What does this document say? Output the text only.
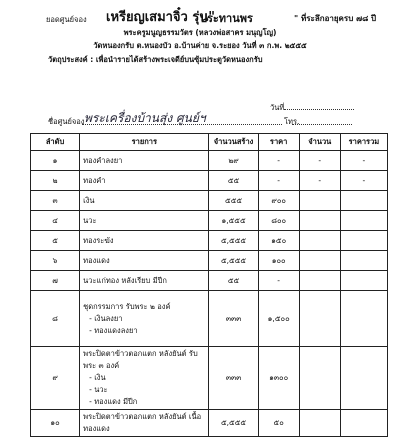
ยอดศูนย์จอง เหรียญเสมาจิ๋ว รุ่น"
ประทานพร	" ที่ระลึกอายุครบ ๗๘ ปี
พระครูมนูญธรรมวัตร (หลวงพ่อสาคร มนุญโญ)
วัดหนองกรับ ต.หนองบัว อ.บ้านค่าย จ.ระยอง วันที่ ๓ ก.พ. ๒๕๕๕
วัตถุประสงค์ : เพื่อนำรายได้สร้างพระเจดีย์บนซุ้มประตูวัดหนองกรับ
วันที่
ชื่อศูนย์จอง พระเครื่องบ้านสุ่ง ศูนย์ฯ	โทร.
ลำดับ	รายการ	จำนวนสร้าง	ราคา	จำนวน	ราคารวม
๑	ทองคำลงยา	๒๙	-	-	-
๒	ทองคำ	๕๕	-	-	-
๓	เงิน	๕๕๕	๙๐๐		
๔	นวะ	๑,๕๕๕	๘๐๐		
๕	ทองระฆัง	๕,๕๕๕	๑๕๐		
๖	ทองแดง	๕,๕๕๕	๑๐๐		
๗	นวะแก่ทอง หลังเรียบ มีปีก	๕๕	-		
๘	ชุดกรรมการ รับพระ ๒ องค์
- เงินลงยา
- ทองแดงลงยา	๓๓๓	๑,๕๐๐		
๙	พระปิดตาข้าวตอกแตก หลังยันต์ รับพระ ๓ องค์
- เงิน
- นวะ
- ทองแดง มีปีก	๓๓๓	๑๓๐๐		
๑๐	พระปิดตาข้าวตอกแตก หลังยันต์ เนื้อทองแดง	๕,๕๕๕	๕๐		
